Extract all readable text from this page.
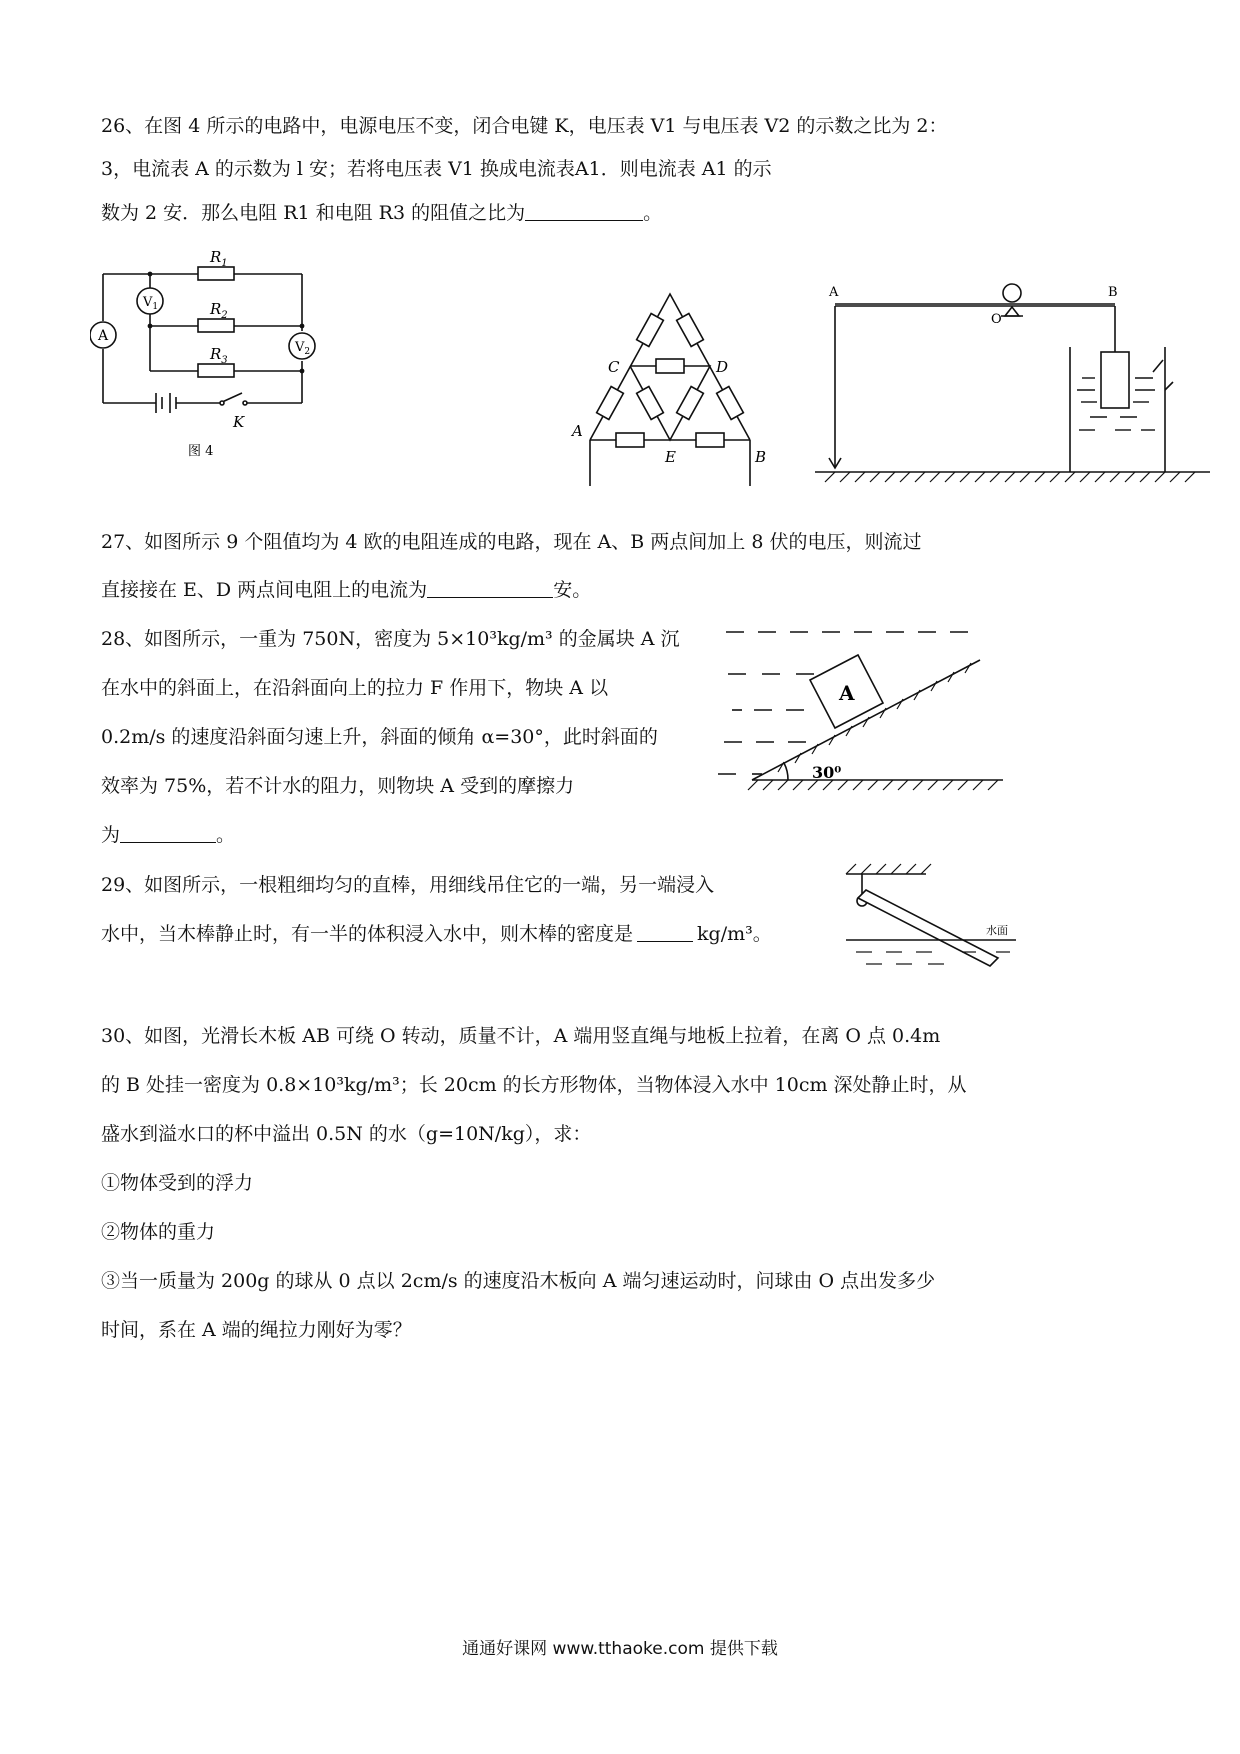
26、在图 4 所示的电路中，电源电压不变，闭合电键 K，电压表 V1 与电压表 V2 的示数之比为 2：
3，电流表 A 的示数为 l 安；若将电压表 V1 换成电流表A1．则电流表 A1 的示
数为 2 安．那么电阻 R1 和电阻 R3 的阻值之比为	。
$R_1$
$R_2$
$R_3$
A
$V_1$
$V_2$
K
图 4
C	D
A
B
E
A	B
O
27、如图所示 9 个阻值均为 4 欧的电阻连成的电路，现在 A、B 两点间加上 8 伏的电压，则流过
直接接在 E、D 两点间电阻上的电流为	安。
28、如图所示，一重为 750N，密度为 5×10³kg/m³ 的金属块 A 沉
在水中的斜面上，在沿斜面向上的拉力 F 作用下，物块 A 以
0.2m/s 的速度沿斜面匀速上升，斜面的倾角 α=30°，此时斜面的
效率为 75%，若不计水的阻力，则物块 A 受到的摩擦力
为	。
A
30⁰
29、如图所示，一根粗细均匀的直棒，用细线吊住它的一端，另一端浸入
水中，当木棒静止时，有一半的体积浸入水中，则木棒的密度是	kg/m³。	水面
30、如图，光滑长木板 AB 可绕 O 转动，质量不计，A 端用竖直绳与地板上拉着，在离 O 点 0.4m
的 B 处挂一密度为 0.8×10³kg/m³；长 20cm 的长方形物体，当物体浸入水中 10cm 深处静止时，从
盛水到溢水口的杯中溢出 0.5N 的水（g=10N/kg），求：
①物体受到的浮力
②物体的重力
③当一质量为 200g 的球从 0 点以 2cm/s 的速度沿木板向 A 端匀速运动时，问球由 O 点出发多少
时间，系在 A 端的绳拉力刚好为零？
通通好课网 www.tthaoke.com 提供下载
